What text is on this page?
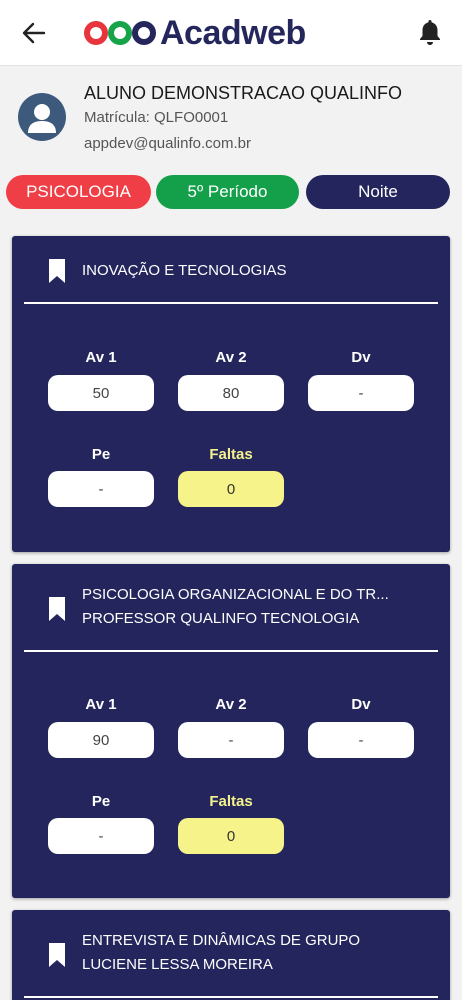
Acadweb
ALUNO DEMONSTRACAO QUALINFO
Matrícula: QLFO0001
appdev@qualinfo.com.br
PSICOLOGIA	5º Período	Noite
INOVAÇÃO E TECNOLOGIAS
Av 1	Av 2	Dv
50	80	-
Pe	Faltas
-	0
PSICOLOGIA ORGANIZACIONAL E DO TR...
PROFESSOR QUALINFO TECNOLOGIA
Av 1	Av 2	Dv
90	-	-
Pe	Faltas
-	0
ENTREVISTA E DINÂMICAS DE GRUPO
LUCIENE LESSA MOREIRA
